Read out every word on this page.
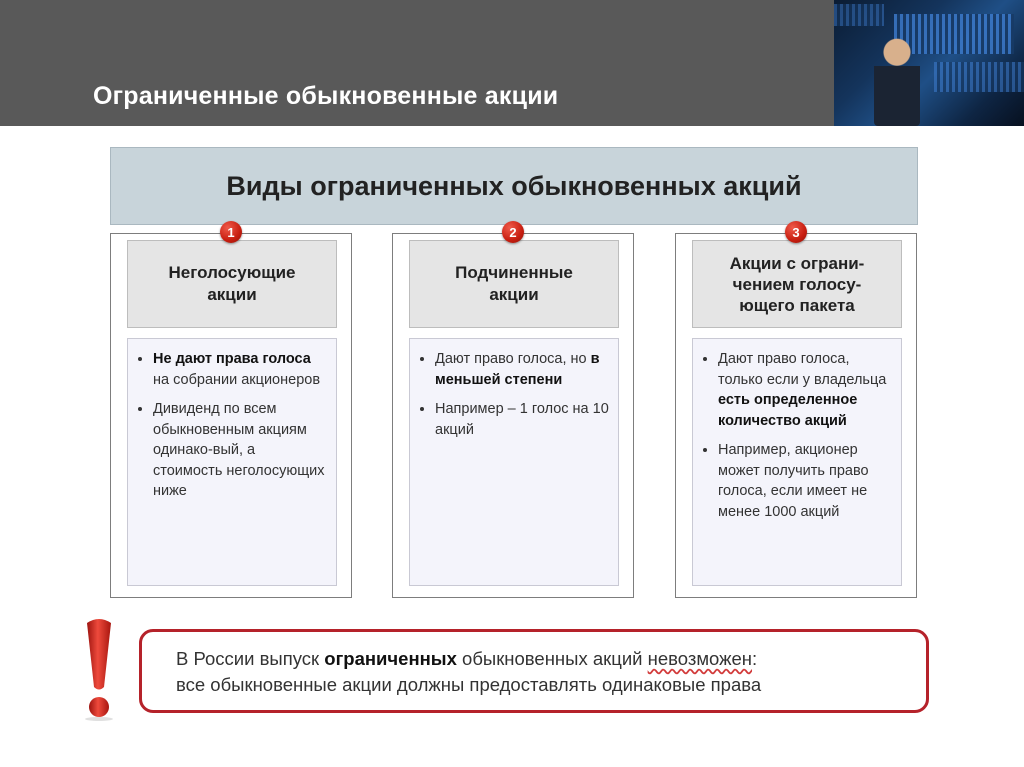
Ограниченные обыкновенные акции
Виды ограниченных обыкновенных акций
1
Неголосующие
акции
• Не дают права голоса на собрании акционеров
• Дивиденд по всем обыкновенным акциям одинако-вый, а стоимость неголосующих ниже
2
Подчиненные
акции
• Дают право голоса, но в меньшей степени
• Например – 1 голос на 10 акций
3
Акции с ограни-
чением голосу-
ющего пакета
• Дают право голоса, только если у владельца есть определенное количество акций
• Например, акционер может получить право голоса, если имеет не менее 1000 акций
В России выпуск ограниченных обыкновенных акций невозможен:
все обыкновенные акции должны предоставлять одинаковые права
